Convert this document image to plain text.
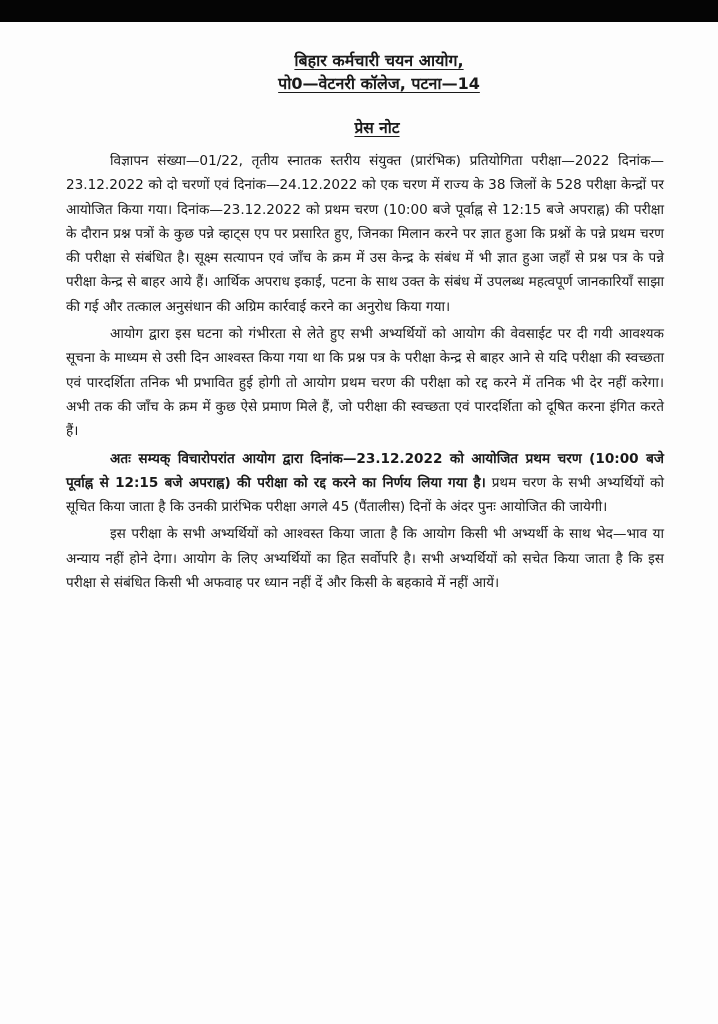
बिहार कर्मचारी चयन आयोग,
पो0—वेटनरी कॉलेज, पटना—14
प्रेस नोट

विज्ञापन संख्या—01/22, तृतीय स्नातक स्तरीय संयुक्त (प्रारंभिक) प्रतियोगिता परीक्षा—2022 दिनांक—23.12.2022 को दो चरणों एवं दिनांक—24.12.2022 को एक चरण में राज्य के 38 जिलों के 528 परीक्षा केन्द्रों पर आयोजित किया गया। दिनांक—23.12.2022 को प्रथम चरण (10:00 बजे पूर्वाह्न से 12:15 बजे अपराह्न) की परीक्षा के दौरान प्रश्न पत्रों के कुछ पन्ने व्हाट्स एप पर प्रसारित हुए, जिनका मिलान करने पर ज्ञात हुआ कि प्रश्नों के पन्ने प्रथम चरण की परीक्षा से संबंधित है। सूक्ष्म सत्यापन एवं जाँच के क्रम में उस केन्द्र के संबंध में भी ज्ञात हुआ जहाँ से प्रश्न पत्र के पन्ने परीक्षा केन्द्र से बाहर आये हैं। आर्थिक अपराध इकाई, पटना के साथ उक्त के संबंध में उपलब्ध महत्वपूर्ण जानकारियाँ साझा की गई और तत्काल अनुसंधान की अग्रिम कार्रवाई करने का अनुरोध किया गया।

आयोग द्वारा इस घटना को गंभीरता से लेते हुए सभी अभ्यर्थियों को आयोग की वेवसाईट पर दी गयी आवश्यक सूचना के माध्यम से उसी दिन आश्वस्त किया गया था कि प्रश्न पत्र के परीक्षा केन्द्र से बाहर आने से यदि परीक्षा की स्वच्छता एवं पारदर्शिता तनिक भी प्रभावित हुई होगी तो आयोग प्रथम चरण की परीक्षा को रद्द करने में तनिक भी देर नहीं करेगा। अभी तक की जाँच के क्रम में कुछ ऐसे प्रमाण मिले हैं, जो परीक्षा की स्वच्छता एवं पारदर्शिता को दूषित करना इंगित करते हैं।

अतः सम्यक् विचारोपरांत आयोग द्वारा दिनांक—23.12.2022 को आयोजित प्रथम चरण (10:00 बजे पूर्वाह्न से 12:15 बजे अपराह्न) की परीक्षा को रद्द करने का निर्णय लिया गया है। प्रथम चरण के सभी अभ्यर्थियों को सूचित किया जाता है कि उनकी प्रारंभिक परीक्षा अगले 45 (पैंतालीस) दिनों के अंदर पुनः आयोजित की जायेगी।

इस परीक्षा के सभी अभ्यर्थियों को आश्वस्त किया जाता है कि आयोग किसी भी अभ्यर्थी के साथ भेद—भाव या अन्याय नहीं होने देगा। आयोग के लिए अभ्यर्थियों का हित सर्वोपरि है। सभी अभ्यर्थियों को सचेत किया जाता है कि इस परीक्षा से संबंधित किसी भी अफवाह पर ध्यान नहीं दें और किसी के बहकावे में नहीं आयें।
